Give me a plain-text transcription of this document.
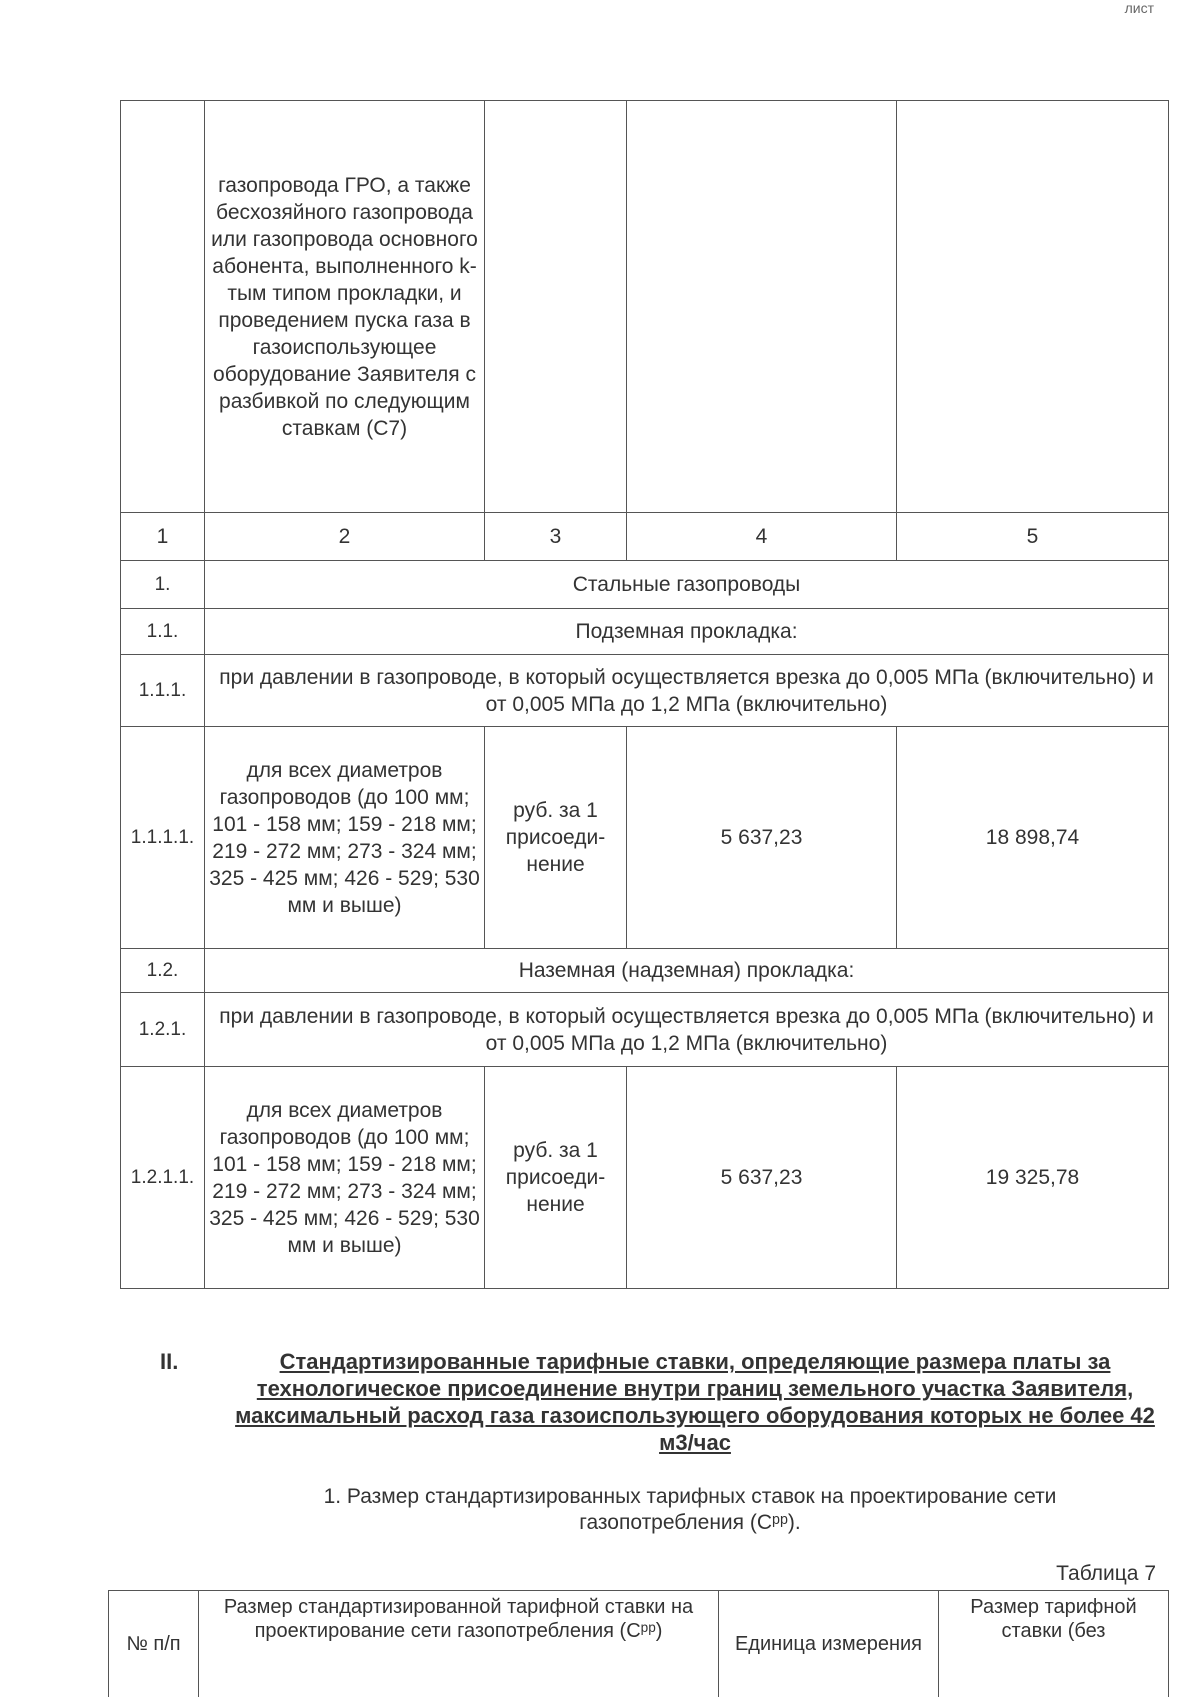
лист
	газопровода ГРО, а также бесхозяйного газопровода или газопровода основного абонента, выполненного k-тым типом прокладки, и проведением пуска газа в газоиспользующее оборудование Заявителя с разбивкой по следующим ставкам (С7)			
1	2	3	4	5
1.	Стальные газопроводы			
1.1.	Подземная прокладка:			
1.1.1.	при давлении в газопроводе, в который осуществляется врезка до 0,005 МПа (включительно) и от 0,005 МПа до 1,2 МПа (включительно)			
1.1.1.1.	для всех диаметров газопроводов (до 100 мм; 101 - 158 мм; 159 - 218 мм; 219 - 272 мм; 273 - 324 мм; 325 - 425 мм; 426 - 529; 530 мм и выше)	руб. за 1 присоеди-нение	5 637,23	18 898,74
1.2.	Наземная (надземная) прокладка:			
1.2.1.	при давлении в газопроводе, в который осуществляется врезка до 0,005 МПа (включительно) и от 0,005 МПа до 1,2 МПа (включительно)			
1.2.1.1.	для всех диаметров газопроводов (до 100 мм; 101 - 158 мм; 159 - 218 мм; 219 - 272 мм; 273 - 324 мм; 325 - 425 мм; 426 - 529; 530 мм и выше)	руб. за 1 присоеди-нение	5 637,23	19 325,78
II.	Стандартизированные тарифные ставки, определяющие размера платы за технологическое присоединение внутри границ земельного участка Заявителя, максимальный расход газа газоиспользующего оборудования которых не более 42 м3/час
1. Размер стандартизированных тарифных ставок на проектирование сети газопотребления (Сᵖᵖ).
Таблица 7
№ п/п	Размер стандартизированной тарифной ставки на проектирование сети газопотребления (Сᵖᵖ)	Единица измерения	Размер тарифной ставки (без
